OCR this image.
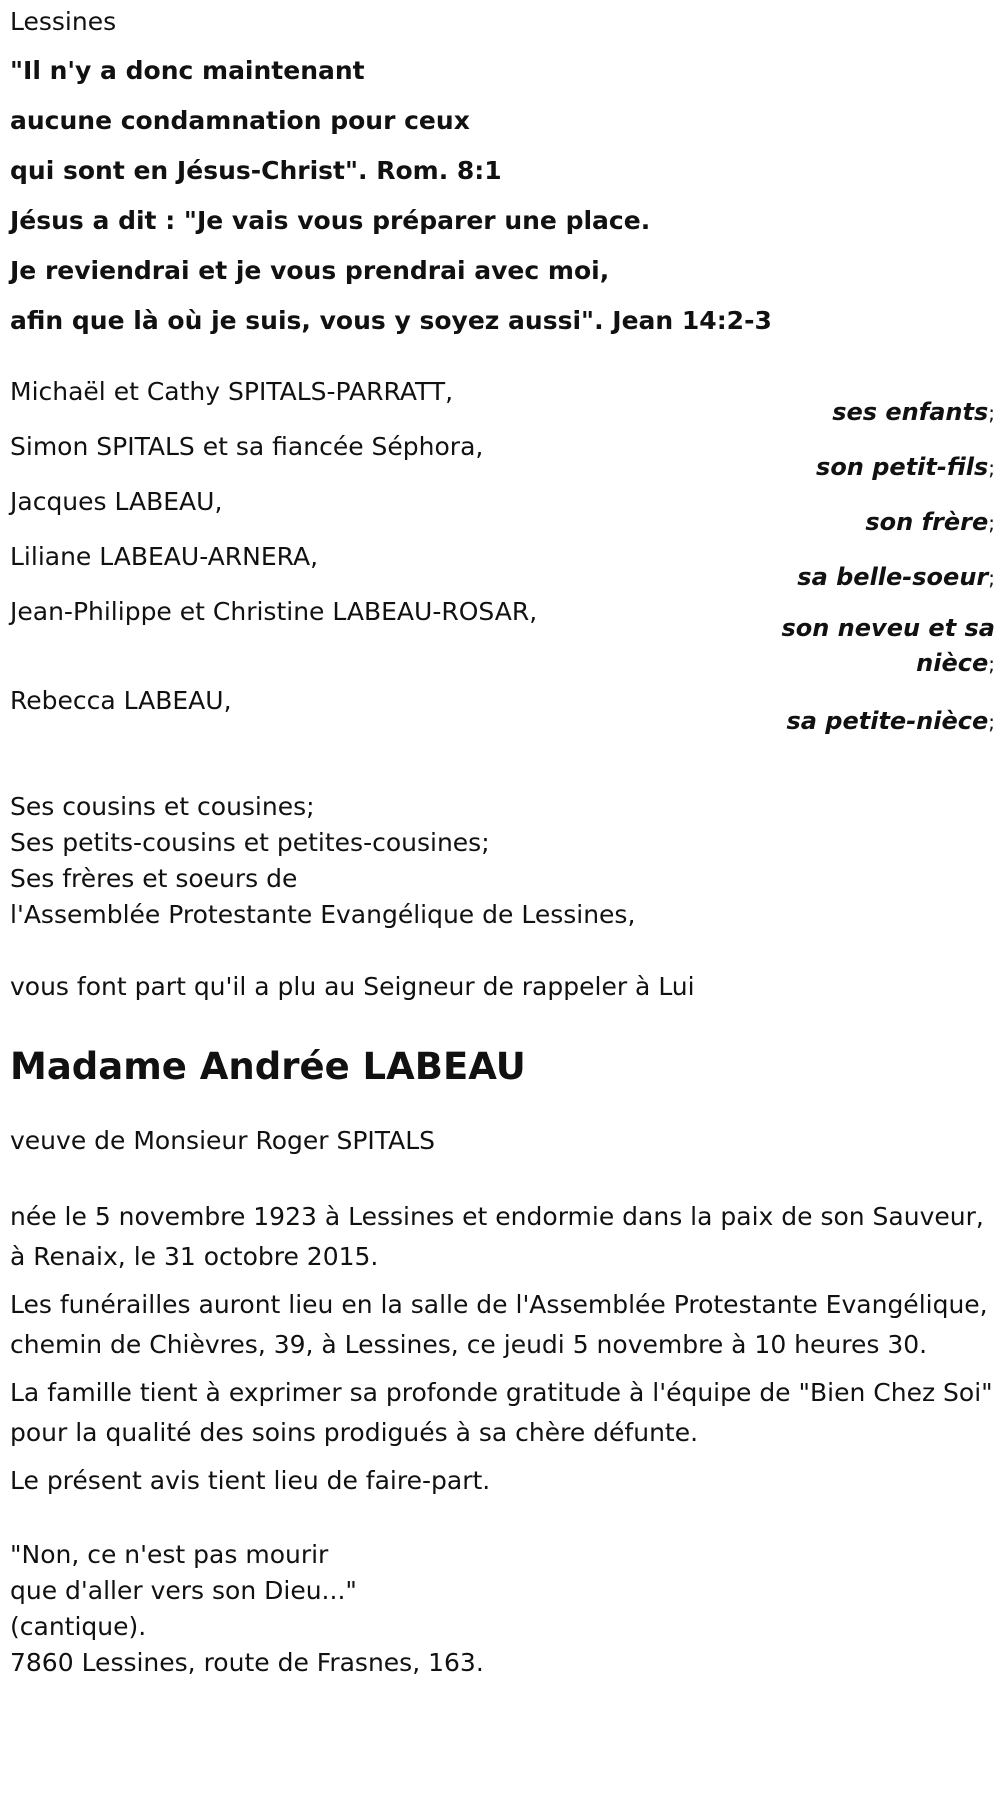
Lessines
"Il n'y a donc maintenant
aucune condamnation pour ceux
qui sont en Jésus-Christ". Rom. 8:1
Jésus a dit : "Je vais vous préparer une place.
Je reviendrai et je vous prendrai avec moi,
afin que là où je suis, vous y soyez aussi". Jean 14:2-3
Michaël et Cathy SPITALS-PARRATT,
ses enfants;
Simon SPITALS et sa fiancée Séphora,
son petit-fils;
Jacques LABEAU,
son frère;
Liliane LABEAU-ARNERA,
sa belle-soeur;
Jean-Philippe et Christine LABEAU-ROSAR,
son neveu et sa
nièce;
Rebecca LABEAU,
sa petite-nièce;
Ses cousins et cousines;
Ses petits-cousins et petites-cousines;
Ses frères et soeurs de
l'Assemblée Protestante Evangélique de Lessines,
vous font part qu'il a plu au Seigneur de rappeler à Lui
Madame Andrée LABEAU
veuve de Monsieur Roger SPITALS
née le 5 novembre 1923 à Lessines et endormie dans la paix de son Sauveur, à Renaix, le 31 octobre 2015.
Les funérailles auront lieu en la salle de l'Assemblée Protestante Evangélique, chemin de Chièvres, 39, à Lessines, ce jeudi 5 novembre à 10 heures 30.
La famille tient à exprimer sa profonde gratitude à l'équipe de "Bien Chez Soi" pour la qualité des soins prodigués à sa chère défunte.
Le présent avis tient lieu de faire-part.
"Non, ce n'est pas mourir
que d'aller vers son Dieu..."
(cantique).
7860 Lessines, route de Frasnes, 163.
